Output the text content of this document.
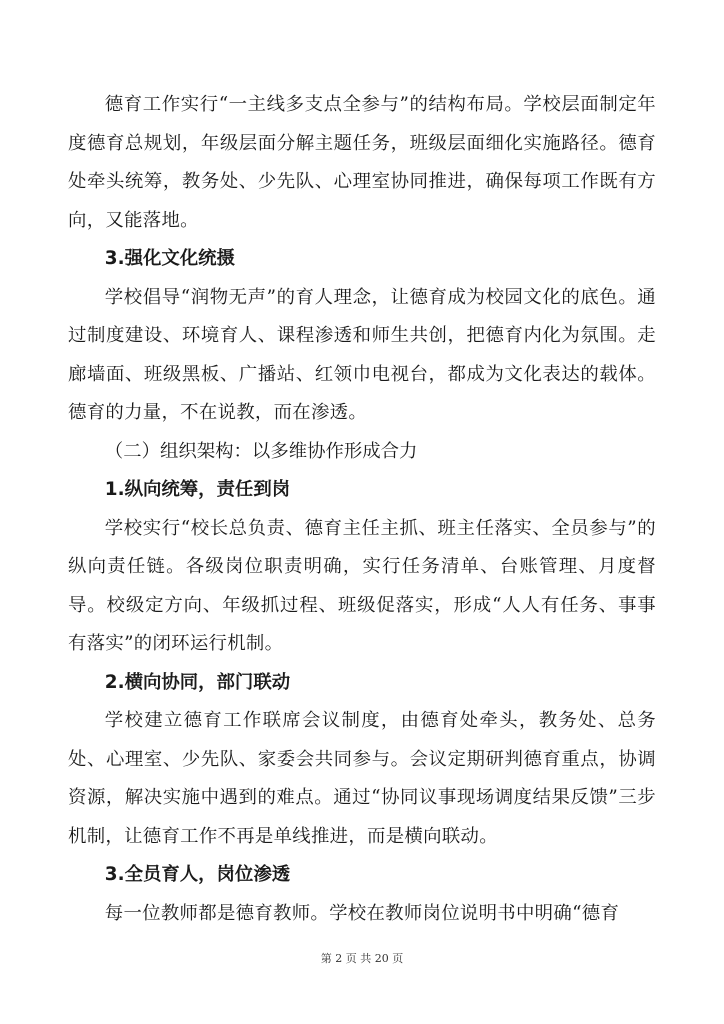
德育工作实行“一主线多支点全参与”的结构布局。学校层面制定年度德育总规划，年级层面分解主题任务，班级层面细化实施路径。德育处牵头统筹，教务处、少先队、心理室协同推进，确保每项工作既有方向，又能落地。

3.强化文化统摄

学校倡导“润物无声”的育人理念，让德育成为校园文化的底色。通过制度建设、环境育人、课程渗透和师生共创，把德育内化为氛围。走廊墙面、班级黑板、广播站、红领巾电视台，都成为文化表达的载体。德育的力量，不在说教，而在渗透。

（二）组织架构：以多维协作形成合力

1.纵向统筹，责任到岗

学校实行“校长总负责、德育主任主抓、班主任落实、全员参与”的纵向责任链。各级岗位职责明确，实行任务清单、台账管理、月度督导。校级定方向、年级抓过程、班级促落实，形成“人人有任务、事事有落实”的闭环运行机制。

2.横向协同，部门联动

学校建立德育工作联席会议制度，由德育处牵头，教务处、总务处、心理室、少先队、家委会共同参与。会议定期研判德育重点，协调资源，解决实施中遇到的难点。通过“协同议事现场调度结果反馈”三步机制，让德育工作不再是单线推进，而是横向联动。

3.全员育人，岗位渗透

每一位教师都是德育教师。学校在教师岗位说明书中明确“德育

第 2 页 共 20 页
